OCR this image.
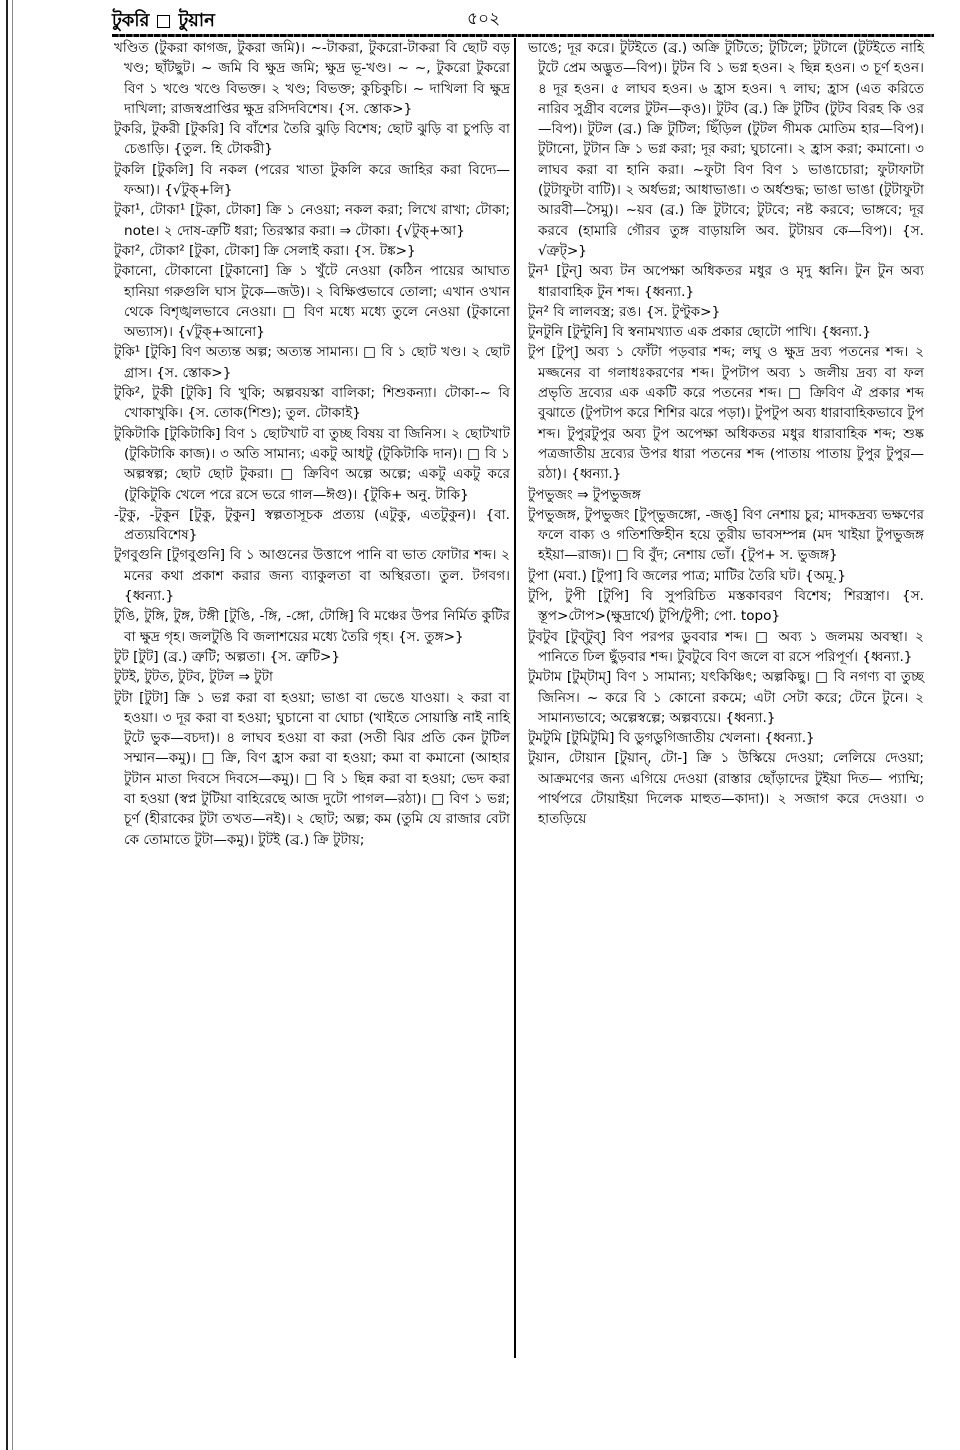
টুকরি টুয়ান	৫০২

খণ্ডিত (টুকরা কাগজ, টুকরা জমি)। ~-টাকরা, টুকরো-টাকরা বি ছোট বড় খণ্ড; ছাঁটছুট। ~ জমি বি ক্ষুদ্র জমি; ক্ষুদ্র ভূ-খণ্ড। ~ ~, টুকরো টুকরো বিণ ১ খণ্ডে খণ্ডে বিভক্ত। ২ খণ্ড; বিভক্ত; কুচিকুচি। ~ দাখিলা বি ক্ষুদ্র দাখিলা; রাজস্বপ্রাপ্তির ক্ষুদ্র রসিদবিশেষ। {স. স্তোক>}

টুকরি, টুকরী [টুকরি] বি বাঁশের তৈরি ঝুড়ি বিশেষ; ছোট ঝুড়ি বা চুপড়ি বা চেঙাড়ি। {তুল. হি টোকরী}

টুকলি [টুকলি] বি নকল (পরের খাতা টুকলি করে জাহির করা বিদ্যে— ফআ)। {√টুক্+লি}

টুকা¹, টোকা¹ [টুকা, টোকা] ক্রি ১ নেওয়া; নকল করা; লিখে রাখা; টোকা; note। ২ দোষ-ত্রুটি ধরা; তিরস্কার করা। ⇒ টোকা। {√টুক্+আ}

টুকা², টোকা² [টুকা, টোকা] ক্রি সেলাই করা। {স. টঙ্ক>}

টুকানো, টোকানো [টুকানো] ক্রি ১ খুঁটে নেওয়া (কঠিন পায়ের আঘাত হানিয়া গরুগুলি ঘাস টুকে—জউ)। ২ বিক্ষিপ্তভাবে তোলা; এখান ওখান থেকে বিশৃঙ্খলভাবে নেওয়া। □ বিণ মধ্যে মধ্যে তুলে নেওয়া (টুকানো অভ্যাস)। {√টুক্+আনো}

টুকি¹ [টুকি] বিণ অত্যন্ত অল্প; অত্যন্ত সামান্য। □ বি ১ ছোট খণ্ড। ২ ছোট গ্রাস। {স. স্তোক>}

টুকি², টুকী [টুকি] বি খুকি; অল্পবয়স্কা বালিকা; শিশুকন্যা। টোকা-~ বি খোকাখুকি। {স. তোক(শিশু); তুল. টোকাই}

টুকিটাকি [টুকিটাকি] বিণ ১ ছোটখাট বা তুচ্ছ বিষয় বা জিনিস। ২ ছোটখাট (টুকিটাকি কাজ)। ৩ অতি সামান্য; একটু আধটু (টুকিটাকি দান)। □ বি ১ অল্পস্বল্প; ছোট ছোট টুকরা। □ ক্রিবিণ অল্পে অল্পে; একটু একটু করে (টুকিটুকি খেলে পরে রসে ভরে গাল—ঈগু)। {টুকি+ অনু. টাকি}

-টুকু, -টুকুন [টুকু, টুকুন] স্বল্পতাসূচক প্রত্যয় (এটুকু, এতটুকুন)। {বা. প্রত্যয়বিশেষ}

টুগবুগুনি [টুগবুগুনি] বি ১ আগুনের উত্তাপে পানি বা ভাত ফোটার শব্দ। ২ মনের কথা প্রকাশ করার জন্য ব্যাকুলতা বা অস্থিরতা। তুল. টগবগ। {ধ্বন্যা.}

টুঙি, টুঙ্গি, টুঙ্গ, টঙ্গী [টুঙি, -ঙ্গি, -ঙ্গো, টোঙ্গি] বি মঞ্চের উপর নির্মিত কুটির বা ক্ষুদ্র গৃহ। জলটুঙি বি জলাশয়ের মধ্যে তৈরি গৃহ। {স. তুঙ্গ>}

টুট [টুট] (ব্র.) ত্রুটি; অল্পতা। {স. ত্রুটি>}

টুটই, টুটত, টুটব, টুটল ⇒ টুটা

টুটা [টুটা] ক্রি ১ ভগ্ন করা বা হওয়া; ভাঙা বা ভেঙে যাওয়া। ২ করা বা হওয়া। ৩ দূর করা বা হওয়া; ঘুচানো বা ঘোচা (খাইতে সোয়াস্তি নাই নাহি টুটে ভুক—বচদা)। ৪ লাঘব হওয়া বা করা (সতী ঝির প্রতি কেন টুটিল সম্মান—কমু)। □ ক্রি, বিণ হ্রাস করা বা হওয়া; কমা বা কমানো (আহার টুটান মাতা দিবসে দিবসে—কমু)। □ বি ১ ছিন্ন করা বা হওয়া; ভেদ করা বা হওয়া (স্বপ্ন টুটিয়া বাহিরেছে আজ দুটো পাগল—রঠা)। □ বিণ ১ ভগ্ন; চূর্ণ (হীরাকের টুটা তখত—নই)। ২ ছোট; অল্প; কম (তুমি যে রাজার বেটা কে তোমাতে টুটা—কমু)। টুটই (ব্র.) ক্রি টুটায়;

ভাঙে; দূর করে। টুটইতে (ব্র.) অক্রি টুটিতে; টুটিলে; টুটালে (টুটইতে নাহি টুটে প্রেম অদ্ভুত—বিপ)। টুটন বি ১ ভগ্ন হওন। ২ ছিন্ন হওন। ৩ চূর্ণ হওন। ৪ দূর হওন। ৫ লাঘব হওন। ৬ হ্রাস হওন। ৭ লাঘ; হ্রাস (এত করিতে নারিব সুগ্রীব বলের টুটন—কৃও)। টুটব (ব্র.) ক্রি টুটিব (টুটব বিরহ কি ওর—বিপ)। টুটল (ব্র.) ক্রি টুটিল; ছিঁড়িল (টুটল গীমক মোতিম হার—বিপ)। টুটানো, টুটান ক্রি ১ ভগ্ন করা; দূর করা; ঘুচানো। ২ হ্রাস করা; কমানো। ৩ লাঘব করা বা হানি করা। ~ফুটা বিণ বিণ ১ ভাঙাচোরা; ফুটাফাটা (টুটাফুটা বাটি)। ২ অর্ধভগ্ন; আধাভাঙা। ৩ অর্ধশুদ্ধ; ভাঙা ভাঙা (টুটাফুটা আরবী—সৈমু)। ~য়ব (ব্র.) ক্রি টুটাবে; টুটবে; নষ্ট করবে; ভাঙ্গবে; দূর করবে (হামারি গৌরব তুঙ্গ বাড়ায়লি অব. টুটায়ব কে—বিপ)। {স. √ত্রুট্>}

টুন¹ [টুন্] অব্য টন অপেক্ষা অধিকতর মধুর ও মৃদু ধ্বনি। টুন টুন অব্য ধারাবাহিক টুন শব্দ। {ধ্বন্যা.}

টুন² বি লালবস্ত্র; রঙ। {স. টুণ্টুক>}

টুনটুনি [টুন্টুনি] বি স্বনামখ্যাত এক প্রকার ছোটো পাখি। {ধ্বন্যা.}

টুপ [টুপ্] অব্য ১ ফোঁটা পড়বার শব্দ; লঘু ও ক্ষুদ্র দ্রব্য পতনের শব্দ। ২ মজ্জনের বা গলাধঃকরণের শব্দ। টুপটাপ অব্য ১ জলীয় দ্রব্য বা ফল প্রভৃতি দ্রব্যের এক একটি করে পতনের শব্দ। □ ক্রিবিণ ঐ প্রকার শব্দ বুঝাতে (টুপটাপ করে শিশির ঝরে পড়া)। টুপটুপ অব্য ধারাবাহিকভাবে টুপ শব্দ। টুপুরটুপুর অব্য টুপ অপেক্ষা অধিকতর মধুর ধারাবাহিক শব্দ; শুষ্ক পত্রজাতীয় দ্রব্যের উপর ধারা পতনের শব্দ (পাতায় পাতায় টুপুর টুপুর—রঠা)। {ধ্বন্যা.}

টুপভুজং ⇒ টুপভুজঙ্গ

টুপভুজঙ্গ, টুপভুজং [টুপ্ভুজঙ্গো, -জঙ্] বিণ নেশায় চুর; মাদকদ্রব্য ভক্ষণের ফলে বাক্য ও গতিশক্তিহীন হয়ে তুরীয় ভাবসম্পন্ন (মদ খাইয়া টুপভুজঙ্গ হইয়া—রাজ)। □ বি বুঁদ; নেশায় ভোঁ। {টুপ+ স. ভুজঙ্গ}

টুপা (মবা.) [টুপা] বি জলের পাত্র; মাটির তৈরি ঘট। {অমূ.}

টুপি, টুপী [টুপি] বি সুপরিচিত মস্তকাবরণ বিশেষ; শিরস্ত্রাণ। {স. স্তূপ>টোপ>(ক্ষুদ্রার্থে) টুপি/টুপী; পো. topo}

টুবটুব [টুব্টুব্] বিণ পরপর ডুববার শব্দ। □ অব্য ১ জলময় অবস্থা। ২ পানিতে ঢিল ছুঁড়বার শব্দ। টুবটুবে বিণ জলে বা রসে পরিপূর্ণ। {ধ্বন্যা.}

টুমটাম [টুম্টাম্] বিণ ১ সামান্য; যৎকিঞ্চিৎ; অল্পকিছু। □ বি নগণ্য বা তুচ্ছ জিনিস। ~ করে বি ১ কোনো রকমে; এটা সেটা করে; টেনে টুনে। ২ সামান্যভাবে; অল্পেস্বল্পে; অল্পব্যয়ে। {ধ্বন্যা.}

টুমটুমি [টুমিটুমি] বি ডুগডুগিজাতীয় খেলনা। {ধ্বন্যা.}

টুয়ান, টোয়ান [টুয়ান্, টো-] ক্রি ১ উস্কিয়ে দেওয়া; লেলিয়ে দেওয়া; আক্রমণের জন্য এগিয়ে দেওয়া (রাস্তার ছোঁড়াদের টুইয়া দিত— প্যাম্মি; পার্থপরে টোয়াইয়া দিলেক মাহুত—কাদা)। ২ সজাগ করে দেওয়া। ৩ হাতড়িয়ে
